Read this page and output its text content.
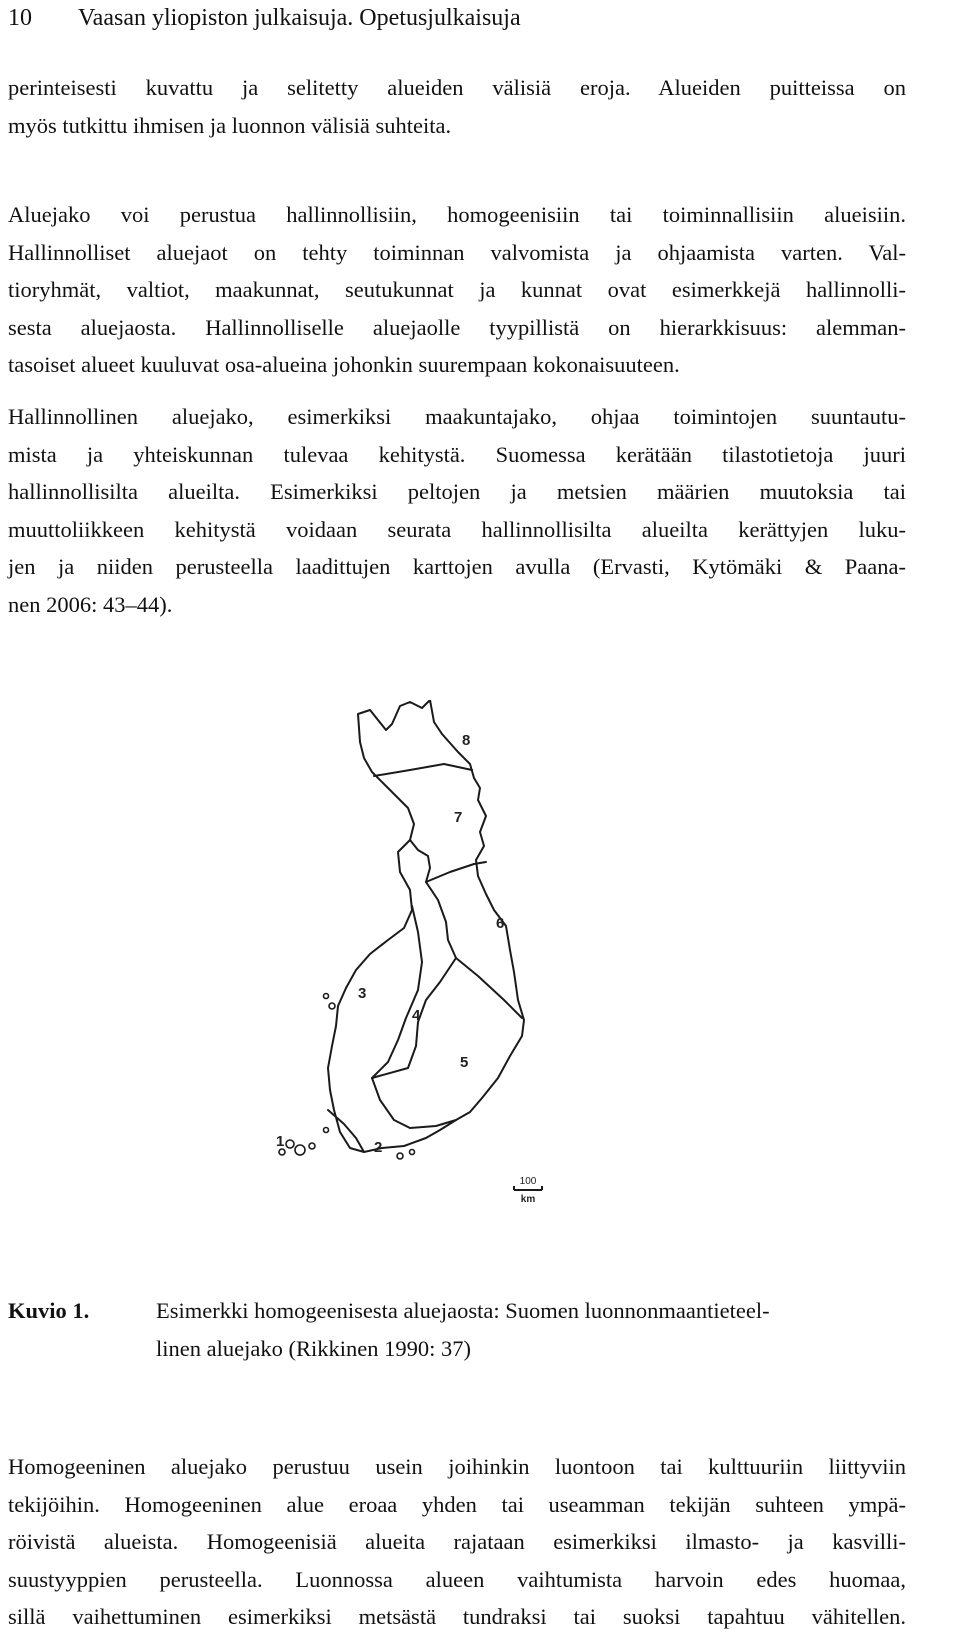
10 Vaasan yliopiston julkaisuja. Opetusjulkaisuja
perinteisesti kuvattu ja selitetty alueiden välisiä eroja. Alueiden puitteissa on
myös tutkittu ihmisen ja luonnon välisiä suhteita.
Aluejako voi perustua hallinnollisiin, homogeenisiin tai toiminnallisiin alueisiin.
Hallinnolliset aluejaot on tehty toiminnan valvomista ja ohjaamista varten. Val-
tioryhmät, valtiot, maakunnat, seutukunnat ja kunnat ovat esimerkkejä hallinnolli-
sesta aluejaosta. Hallinnolliselle aluejaolle tyypillistä on hierarkkisuus: alemman-
tasoiset alueet kuuluvat osa-alueina johonkin suurempaan kokonaisuuteen.
Hallinnollinen aluejako, esimerkiksi maakuntajako, ohjaa toimintojen suuntautu-
mista ja yhteiskunnan tulevaa kehitystä. Suomessa kerätään tilastotietoja juuri
hallinnollisilta alueilta. Esimerkiksi peltojen ja metsien määrien muutoksia tai
muuttoliikkeen kehitystä voidaan seurata hallinnollisilta alueilta kerättyjen luku-
jen ja niiden perusteella laadittujen karttojen avulla (Ervasti, Kytömäki & Paana-
nen 2006: 43–44).
1	2
3
4
5
6
7
8
100
km
Kuvio 1.	Esimerkki homogeenisesta aluejaosta: Suomen luonnonmaantieteel-
linen aluejako (Rikkinen 1990: 37)
Homogeeninen aluejako perustuu usein joihinkin luontoon tai kulttuuriin liittyviin
tekijöihin. Homogeeninen alue eroaa yhden tai useamman tekijän suhteen ympä-
röivistä alueista. Homogeenisiä alueita rajataan esimerkiksi ilmasto- ja kasvilli-
suustyyppien perusteella. Luonnossa alueen vaihtumista harvoin edes huomaa,
sillä vaihettuminen esimerkiksi metsästä tundraksi tai suoksi tapahtuu vähitellen.
